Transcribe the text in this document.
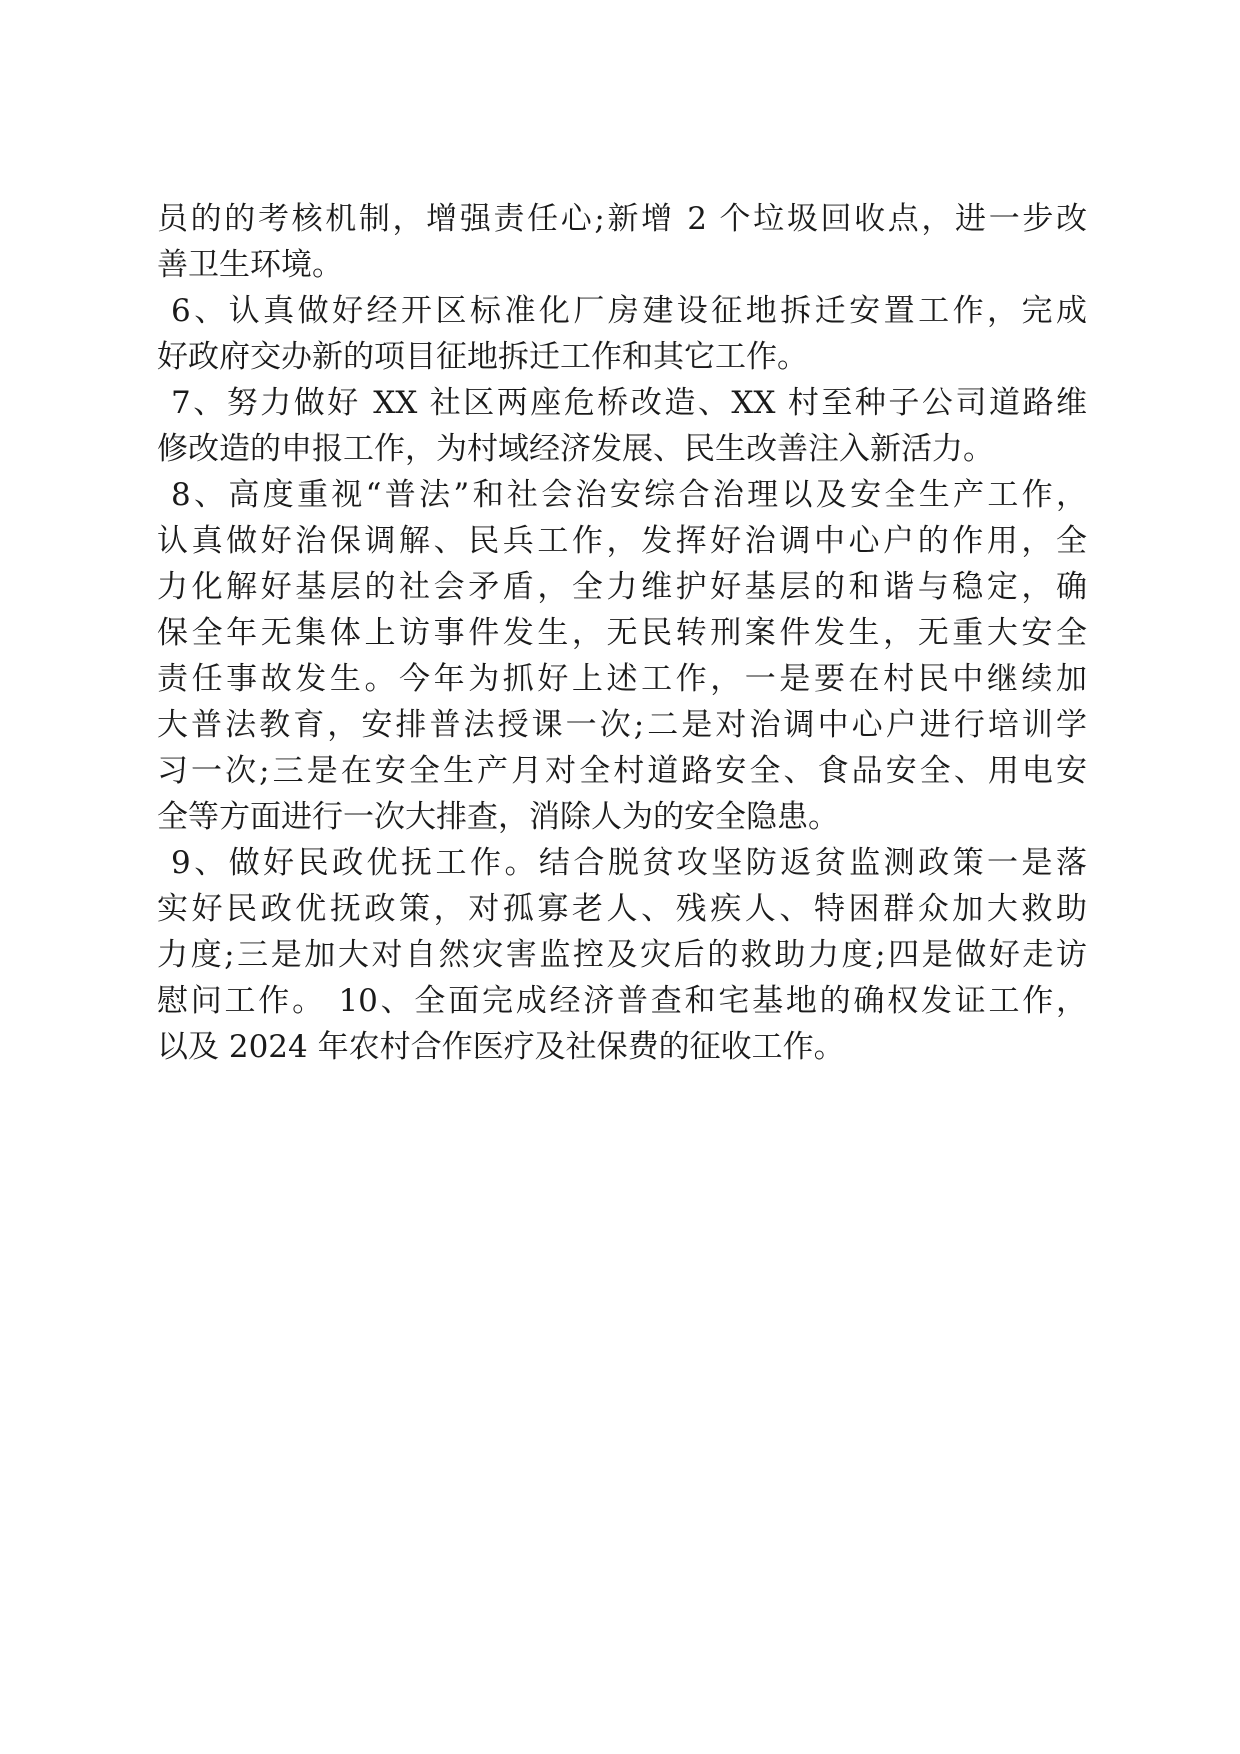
员的的考核机制，增强责任心;新增 2 个垃圾回收点，进一步改
善卫生环境。
6、认真做好经开区标准化厂房建设征地拆迁安置工作，完成
好政府交办新的项目征地拆迁工作和其它工作。
7、努力做好 XX 社区两座危桥改造、XX 村至种子公司道路维
修改造的申报工作，为村域经济发展、民生改善注入新活力。
8、高度重视“普法”和社会治安综合治理以及安全生产工作，
认真做好治保调解、民兵工作，发挥好治调中心户的作用，全
力化解好基层的社会矛盾，全力维护好基层的和谐与稳定，确
保全年无集体上访事件发生，无民转刑案件发生，无重大安全
责任事故发生。今年为抓好上述工作，一是要在村民中继续加
大普法教育，安排普法授课一次;二是对治调中心户进行培训学
习一次;三是在安全生产月对全村道路安全、食品安全、用电安
全等方面进行一次大排查，消除人为的安全隐患。
9、做好民政优抚工作。结合脱贫攻坚防返贫监测政策一是落
实好民政优抚政策，对孤寡老人、残疾人、特困群众加大救助
力度;三是加大对自然灾害监控及灾后的救助力度;四是做好走访
慰问工作。 10、全面完成经济普查和宅基地的确权发证工作，
以及 2024 年农村合作医疗及社保费的征收工作。
